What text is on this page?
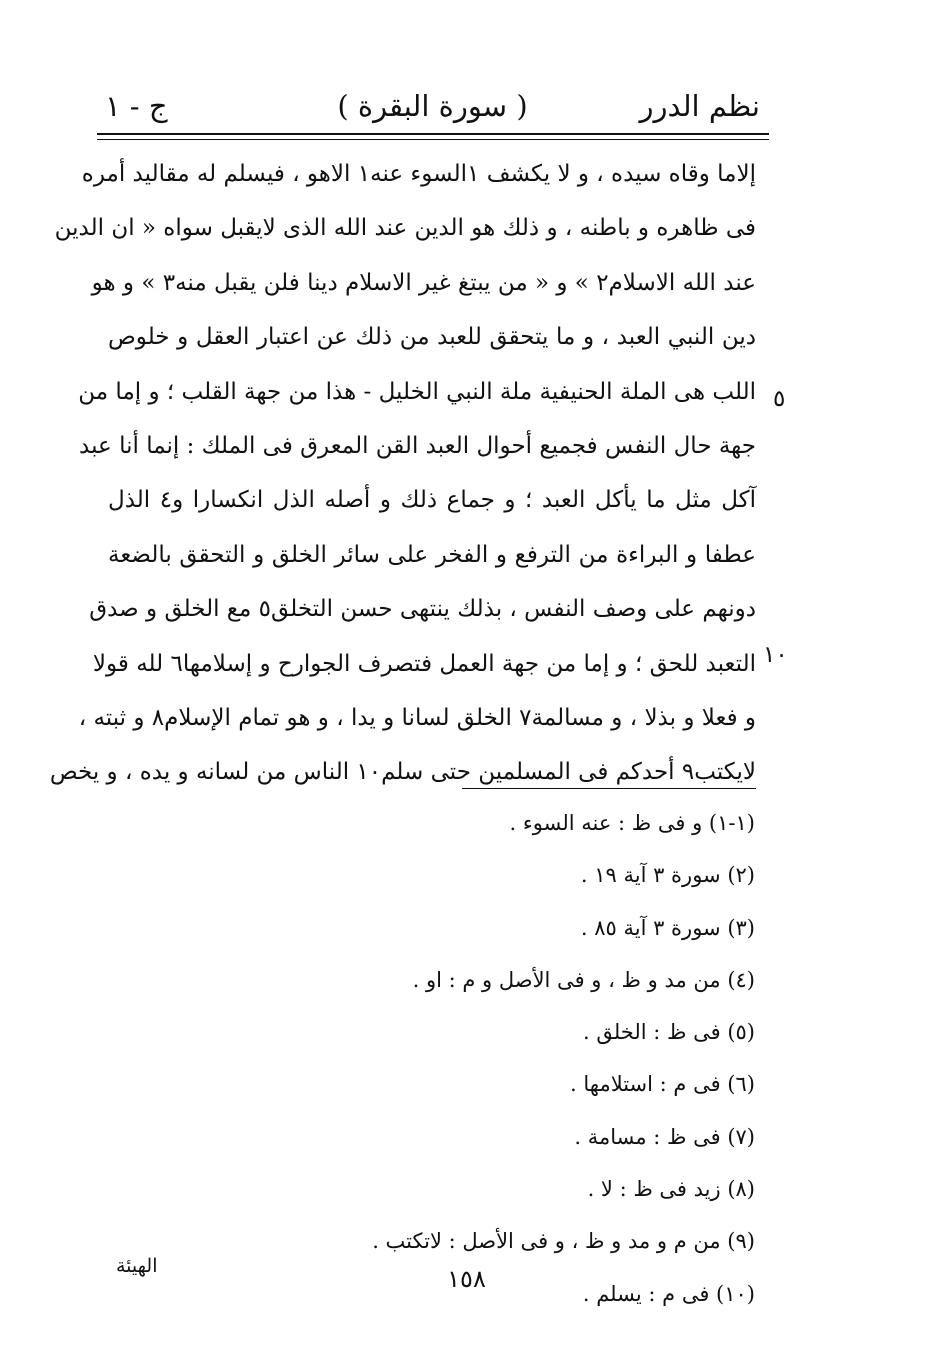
نظم الدرر
( سورة البقرة )
ج - ١
إلاما وقاه سيده ، و لا يكشف ١السوء عنه١ الاهو ، فيسلم له مقاليد أمره
فى ظاهره و باطنه ، و ذلك هو الدين عند الله الذى لايقبل سواه « ان الدين
عند الله الاسلام٢ » و « من يبتغ غير الاسلام دينا فلن يقبل منه٣ » و هو
دين النبي العبد ، و ما يتحقق للعبد من ذلك عن اعتبار العقل و خلوص
اللب هى الملة الحنيفية ملة النبي الخليل - هذا من جهة القلب ؛ و إما من
جهة حال النفس فجميع أحوال العبد القن المعرق فى الملك : إنما أنا عبد
آكل مثل ما يأكل العبد ؛ و جماع ذلك و أصله الذل انكسارا و٤ الذل
عطفا و البراءة من الترفع و الفخر على سائر الخلق و التحقق بالضعة
دونهم على وصف النفس ، بذلك ينتهى حسن التخلق٥ مع الخلق و صدق
التعبد للحق ؛ و إما من جهة العمل فتصرف الجوارح و إسلامها٦ لله قولا
و فعلا و بذلا ، و مسالمة٧ الخلق لسانا و يدا ، و هو تمام الإسلام٨ و ثبته ،
لايكتب٩ أحدكم فى المسلمين حتى سلم١٠ الناس من لسانه و يده ، و يخص
٥
١٠
(١-١) و فى ظ : عنه السوء .
(٢) سورة ٣ آية ١٩ .
(٣) سورة ٣ آية ٨٥ .
(٤) من مد و ظ ، و فى الأصل و م : او .
(٥) فى ظ : الخلق .
(٦) فى م : استلامها .
(٧) فى ظ : مسامة .
(٨) زيد فى ظ : لا .
(٩) من م و مد و ظ ، و فى الأصل : لاتكتب .
(١٠) فى م : يسلم .
الهيئة	١٥٨
